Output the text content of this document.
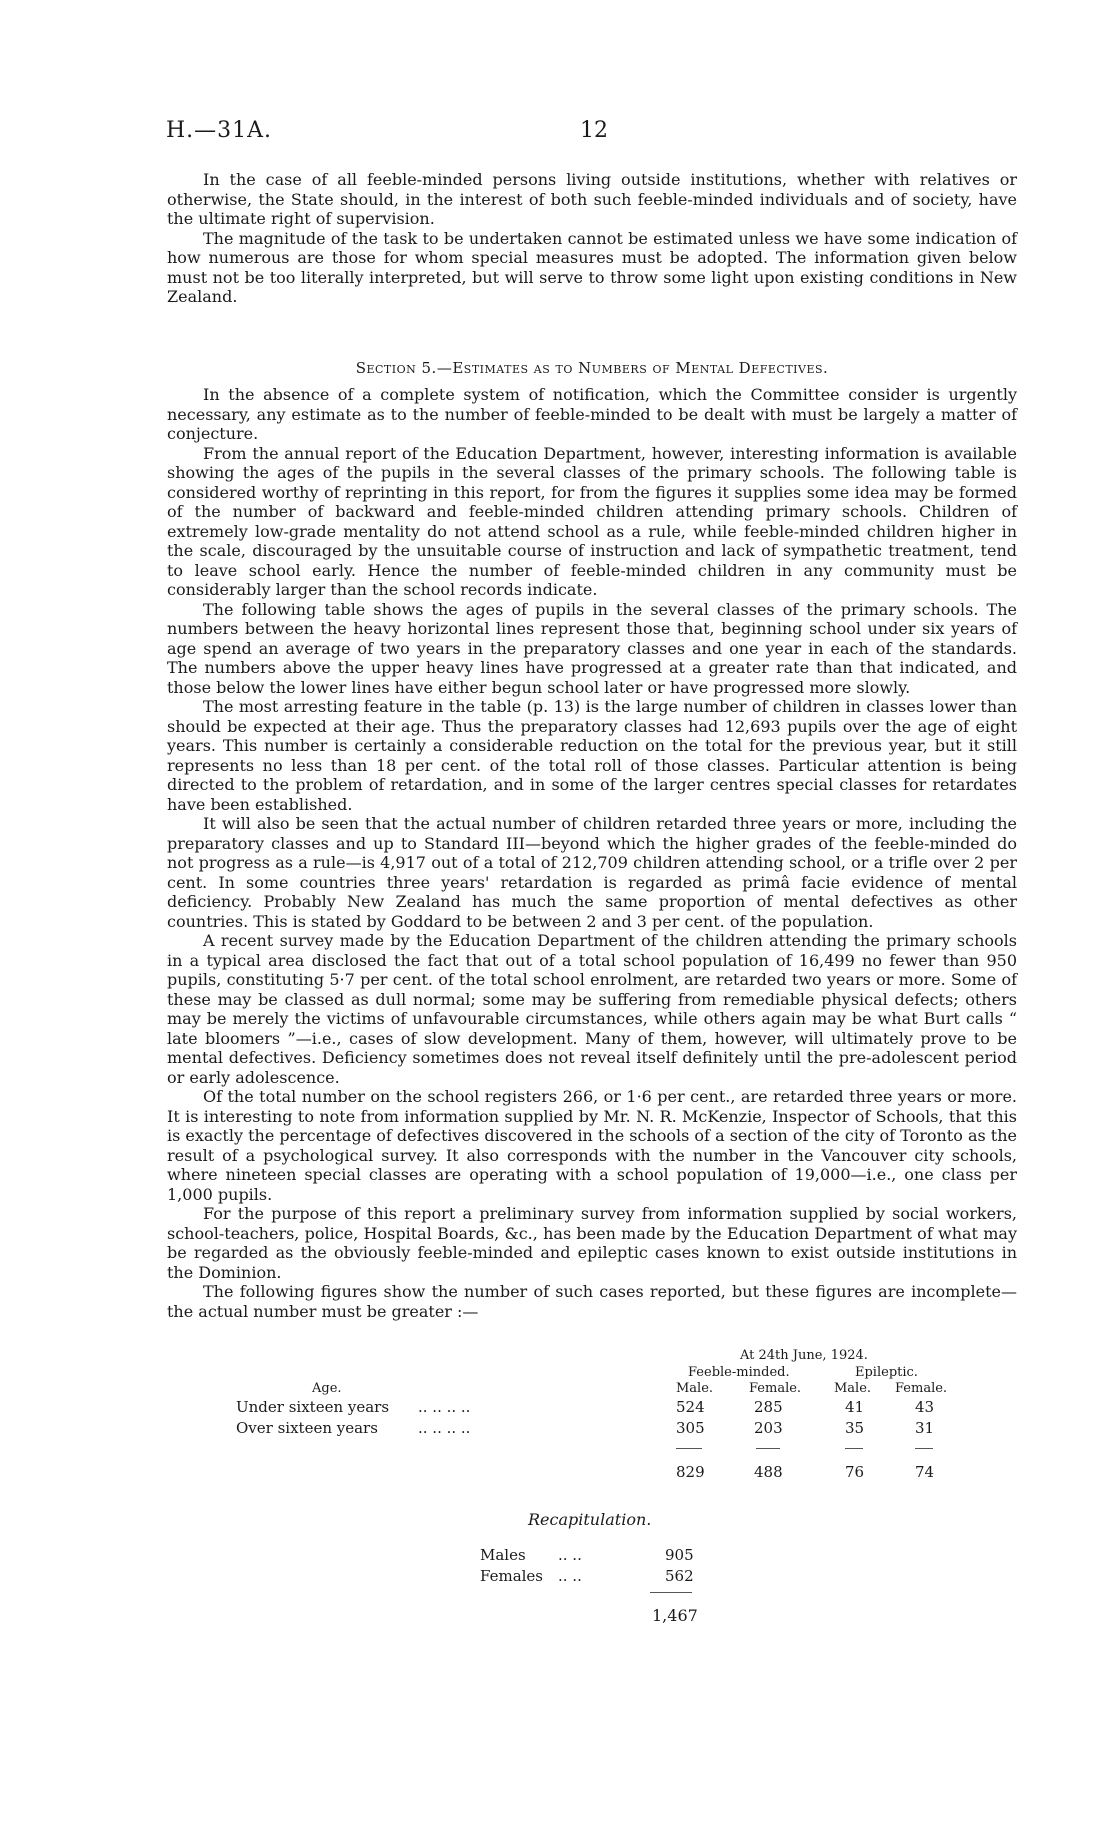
H.—31A.	12

In the case of all feeble-minded persons living outside institutions, whether with relatives or otherwise, the State should, in the interest of both such feeble-minded individuals and of society, have the ultimate right of supervision.

The magnitude of the task to be undertaken cannot be estimated unless we have some indication of how numerous are those for whom special measures must be adopted. The information given below must not be too literally interpreted, but will serve to throw some light upon existing conditions in New Zealand.

Section 5.—Estimates as to Numbers of Mental Defectives.

In the absence of a complete system of notification, which the Committee consider is urgently necessary, any estimate as to the number of feeble-minded to be dealt with must be largely a matter of conjecture.

From the annual report of the Education Department, however, interesting information is available showing the ages of the pupils in the several classes of the primary schools. The following table is considered worthy of reprinting in this report, for from the figures it supplies some idea may be formed of the number of backward and feeble-minded children attending primary schools. Children of extremely low-grade mentality do not attend school as a rule, while feeble-minded children higher in the scale, discouraged by the unsuitable course of instruction and lack of sympathetic treatment, tend to leave school early. Hence the number of feeble-minded children in any community must be considerably larger than the school records indicate.

The following table shows the ages of pupils in the several classes of the primary schools. The numbers between the heavy horizontal lines represent those that, beginning school under six years of age spend an average of two years in the preparatory classes and one year in each of the standards. The numbers above the upper heavy lines have progressed at a greater rate than that indicated, and those below the lower lines have either begun school later or have progressed more slowly.

The most arresting feature in the table (p. 13) is the large number of children in classes lower than should be expected at their age. Thus the preparatory classes had 12,693 pupils over the age of eight years. This number is certainly a considerable reduction on the total for the previous year, but it still represents no less than 18 per cent. of the total roll of those classes. Particular attention is being directed to the problem of retardation, and in some of the larger centres special classes for retardates have been established.

It will also be seen that the actual number of children retarded three years or more, including the preparatory classes and up to Standard III—beyond which the higher grades of the feeble-minded do not progress as a rule—is 4,917 out of a total of 212,709 children attending school, or a trifle over 2 per cent. In some countries three years' retardation is regarded as primâ facie evidence of mental deficiency. Probably New Zealand has much the same proportion of mental defectives as other countries. This is stated by Goddard to be between 2 and 3 per cent. of the population.

A recent survey made by the Education Department of the children attending the primary schools in a typical area disclosed the fact that out of a total school population of 16,499 no fewer than 950 pupils, constituting 5·7 per cent. of the total school enrolment, are retarded two years or more. Some of these may be classed as dull normal; some may be suffering from remediable physical defects; others may be merely the victims of unfavourable circumstances, while others again may be what Burt calls “ late bloomers ”—i.e., cases of slow development. Many of them, however, will ultimately prove to be mental defectives. Deficiency sometimes does not reveal itself definitely until the pre-adolescent period or early adolescence.

Of the total number on the school registers 266, or 1·6 per cent., are retarded three years or more. It is interesting to note from information supplied by Mr. N. R. McKenzie, Inspector of Schools, that this is exactly the percentage of defectives discovered in the schools of a section of the city of Toronto as the result of a psychological survey. It also corresponds with the number in the Vancouver city schools, where nineteen special classes are operating with a school population of 19,000—i.e., one class per 1,000 pupils.

For the purpose of this report a preliminary survey from information supplied by social workers, school-teachers, police, Hospital Boards, &c., has been made by the Education Department of what may be regarded as the obviously feeble-minded and epileptic cases known to exist outside institutions in the Dominion.

The following figures show the number of such cases reported, but these figures are incomplete—the actual number must be greater :—

At 24th June, 1924.
Feeble-minded.	Epileptic.
Age.	Male.	Female.	Male. Female.
Under sixteen years .. .. .. ..	524	285	41	43
Over sixteen years	.. .. .. ..	305	203	35	31
829	488	76	74
Recapitulation.
Males .. ..	905
Females .. ..	562
1,467
